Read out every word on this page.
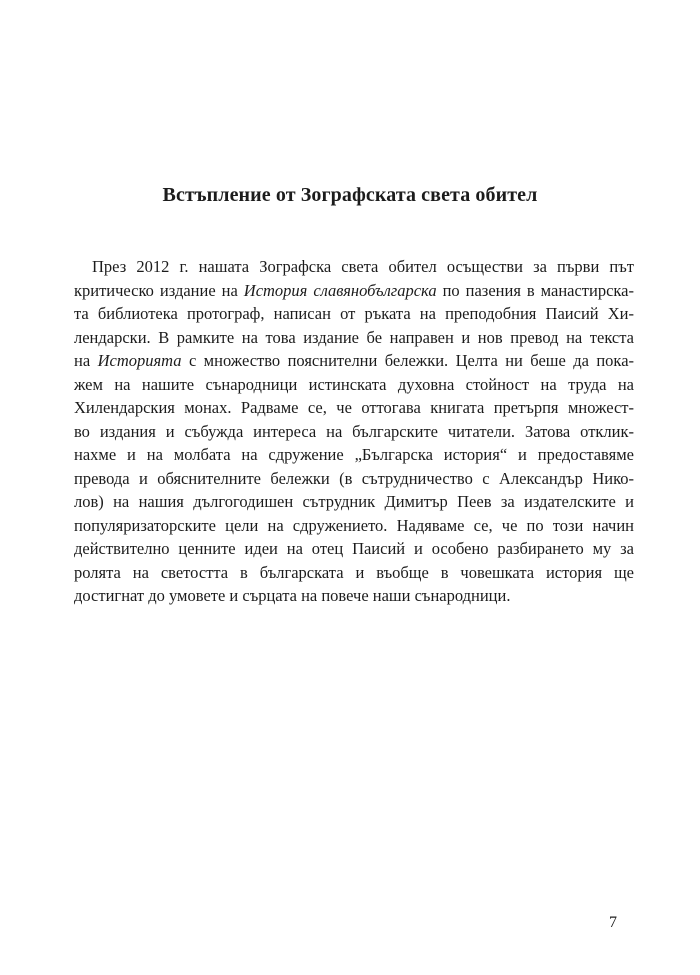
Встъпление от Зографската света обител
През 2012 г. нашата Зографска света обител осъществи за първи път
критическо издание на История славянобългарска по пазения в манастирска-
та библиотека протограф, написан от ръката на преподобния Паисий Хи-
лендарски. В рамките на това издание бе направен и нов превод на текста
на Историята с множество пояснителни бележки. Целта ни беше да пока-
жем на нашите сънародници истинската духовна стойност на труда на
Хилендарския монах. Радваме се, че оттогава книгата претърпя множест-
во издания и събужда интереса на българските читатели. Затова отклик-
нахме и на молбата на сдружение „Българска история“ и предоставяме
превода и обяснителните бележки (в сътрудничество с Александър Нико-
лов) на нашия дългогодишен сътрудник Димитър Пеев за издателските и
популяризаторските цели на сдружението. Надяваме се, че по този начин
действително ценните идеи на отец Паисий и особено разбирането му за
ролята на светостта в българската и въобще в човешката история ще
достигнат до умовете и сърцата на повече наши сънародници.
7
